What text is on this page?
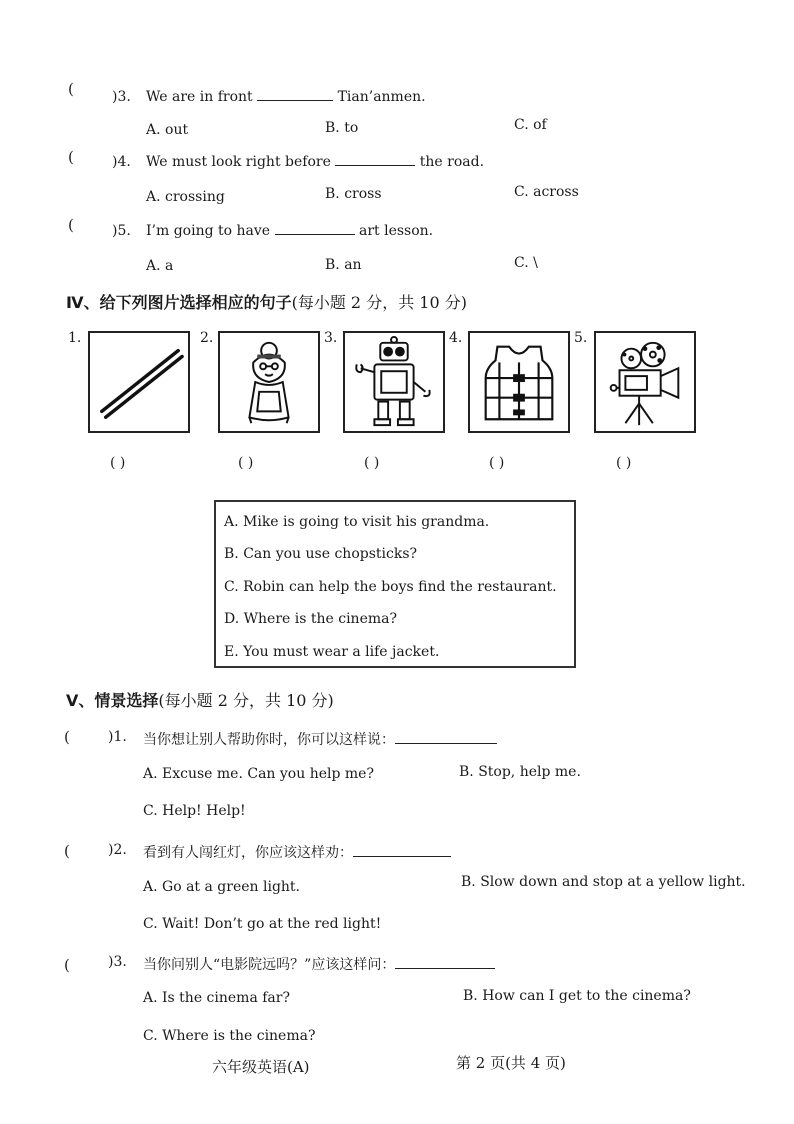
(	)3. We are in front	Tian’anmen.
A. out	B. to	C. of
(	)4. We must look right before	the road.
A. crossing	B. cross	C. across
(	)5. I’m going to have	art lesson.
A. a	B. an	C. \
Ⅳ、给下列图片选择相应的句子(每小题 2 分，共 10 分)
1.	2.	3.	4.	5.
( )	( )	( )	( )	( )
A. Mike is going to visit his grandma.
B. Can you use chopsticks?
C. Robin can help the boys find the restaurant.
D. Where is the cinema?
E. You must wear a life jacket.
Ⅴ、情景选择(每小题 2 分，共 10 分)
(	)1. 当你想让别人帮助你时，你可以这样说：
A. Excuse me. Can you help me?	B. Stop, help me.
C. Help! Help!
(	)2. 看到有人闯红灯，你应该这样劝：
A. Go at a green light.	B. Slow down and stop at a yellow light.
C. Wait! Don’t go at the red light!
(	)3. 当你问别人“电影院远吗？”应该这样问：
A. Is the cinema far?	B. How can I get to the cinema?
C. Where is the cinema?
六年级英语(A)	第 2 页(共 4 页)
